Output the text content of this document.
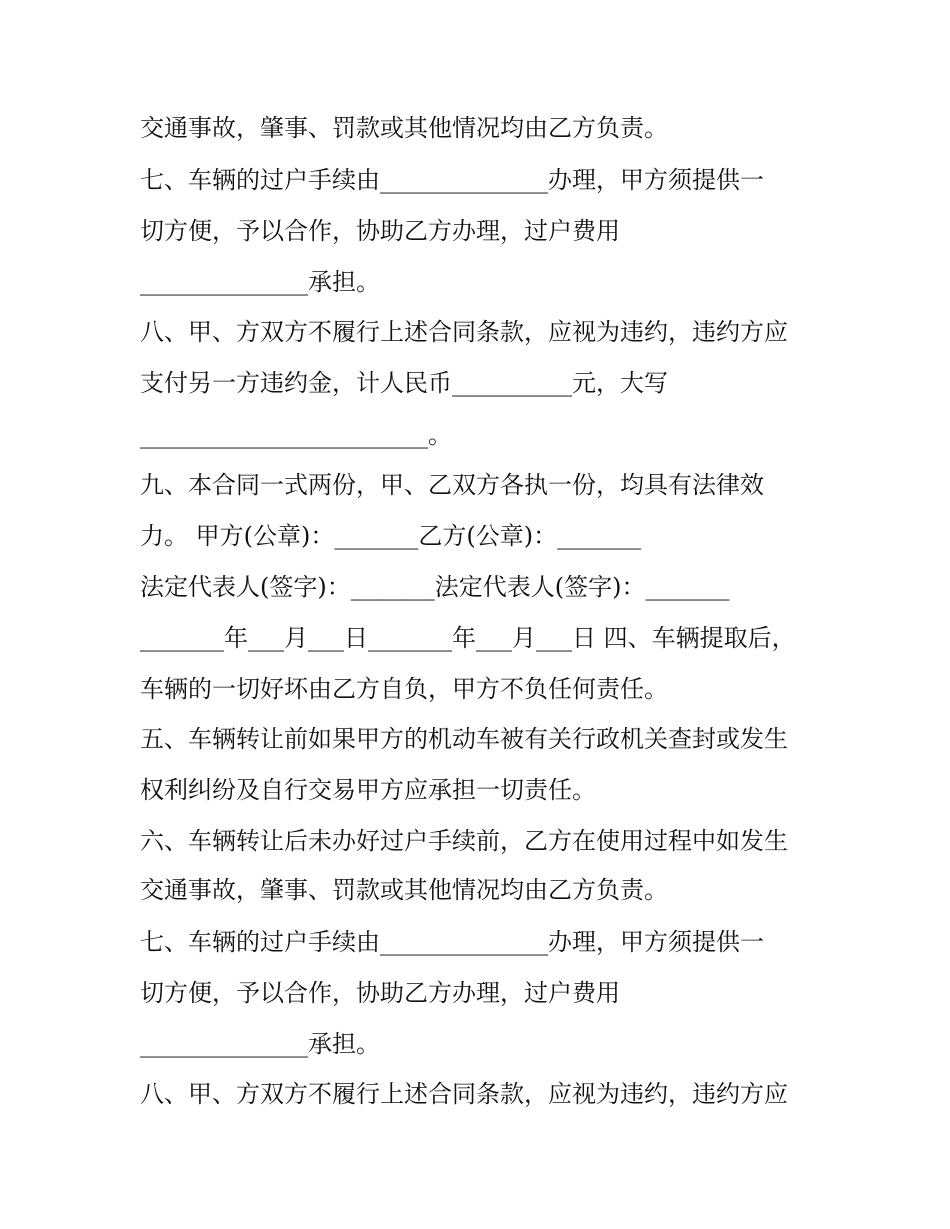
交通事故，肇事、罚款或其他情况均由乙方负责。
七、车辆的过户手续由______________办理，甲方须提供一
切方便，予以合作，协助乙方办理，过户费用
______________承担。
八、甲、方双方不履行上述合同条款，应视为违约，违约方应
支付另一方违约金，计人民币__________元，大写
________________________。
九、本合同一式两份，甲、乙双方各执一份，均具有法律效
力。 甲方(公章)：_______乙方(公章)：_______
法定代表人(签字)：_______法定代表人(签字)：_______
_______年___月___日_______年___月___日 四、车辆提取后，
车辆的一切好坏由乙方自负，甲方不负任何责任。
五、车辆转让前如果甲方的机动车被有关行政机关查封或发生
权利纠纷及自行交易甲方应承担一切责任。
六、车辆转让后未办好过户手续前，乙方在使用过程中如发生
交通事故，肇事、罚款或其他情况均由乙方负责。
七、车辆的过户手续由______________办理，甲方须提供一
切方便，予以合作，协助乙方办理，过户费用
______________承担。
八、甲、方双方不履行上述合同条款，应视为违约，违约方应
